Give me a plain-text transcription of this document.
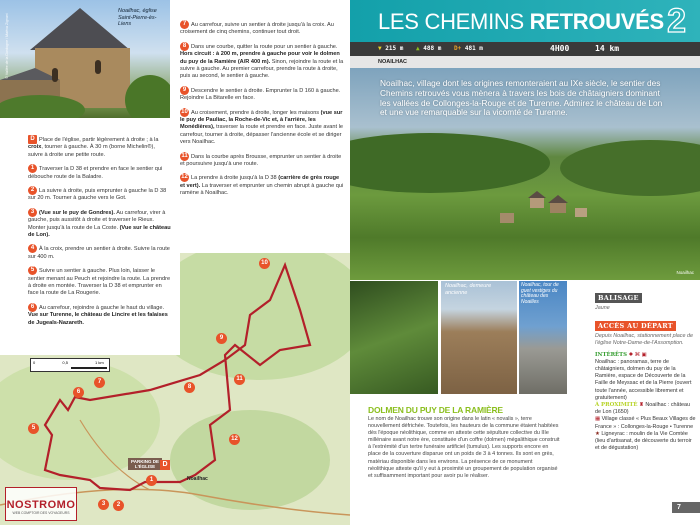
Noailhac, église Saint-Pierre-ès-Liens
© Vallée de la Dordogne / Maëva Zignani

D Place de l'église, partir légèrement à droite ; à la croix, tourner à gauche. À 30 m (borne Michelin®), suivre à droite une petite route.

1 Traverser la D 38 et prendre en face le sentier qui débouche route de la Baladre.

2 La suivre à droite, puis emprunter à gauche la D 38 sur 20 m. Tourner à gauche vers le Got.

3 (Vue sur le puy de Gondres). Au carrefour, virer à gauche, puis aussitôt à droite et traverser le Rieux. Monter jusqu'à la route de La Coste. (Vue sur le château de Lon).

4 À la croix, prendre un sentier à droite. Suivre la route sur 400 m.

5 Suivre un sentier à gauche. Plus loin, laisser le sentier menant au Peuch et rejoindre la route. La prendre à droite en montée. Traverser la D 38 et emprunter en face la route de La Rougerie.

6 Au carrefour, rejoindre à gauche le haut du village. Vue sur Turenne, le château de Lincire et les falaises de Jugeals-Nazareth.

7 Au carrefour, suivre un sentier à droite jusqu'à la croix. Au croisement de cinq chemins, continuer tout droit.

8 Dans une courbe, quitter la route pour un sentier à gauche. Hors circuit : à 200 m, prendre à gauche pour voir le dolmen du puy de la Ramière (A/R 400 m). Sinon, rejoindre la route et la suivre à gauche. Au premier carrefour, prendre la route à droite, puis au second, le sentier à gauche.

9 Descendre le sentier à droite. Emprunter la D 160 à gauche. Rejoindre La Bitarelle en face.

10 Au croisement, prendre à droite, longer les maisons (vue sur le puy de Pauliac, la Roche-de-Vic et, à l'arrière, les Monédières), traverser la route et prendre en face. Juste avant le carrefour, tourner à droite, dépasser l'ancienne école et se diriger vers Noailhac.

11 Dans la courbe après Brousse, emprunter un sentier à droite et poursuivre jusqu'à une route.

12 La prendre à droite jusqu'à la D 38 (carrière de grès rouge et vert). La traverser et emprunter un chemin abrupt à gauche qui ramène à Noailhac.

0	0,5	1 km
PARKING DE L'ÉGLISE	D
Noailhac
1
2
3
5
6
7
8
9
10
11
12
NOSTROMO
WEB COMPTOIR DES VOYAGEURS
LES CHEMINS RETROUVÉS 2
▼ 215 m ▲ 488 m D+ 481 m	4H00	14 km
NOAILHAC
Noailhac, village dont les origines remonteraient au IXe siècle, le sentier des Chemins retrouvés vous mènera à travers les bois de châtaigniers dominant les vallées de Collonges-la-Rouge et de Turenne. Admirez le château de Lon et une vue remarquable sur la vicomté de Turenne.
Noailhac
Noailhac, demeure ancienne
Noailhac, tour de guet vestiges du château des Noailles
DOLMEN DU PUY DE LA RAMIÈRE
Le nom de Noailhac trouve son origine dans le latin « novalis », terre nouvellement défrichée. Toutefois, les hauteurs de la commune étaient habitées dès l'époque néolithique, comme en atteste cette sépulture collective du IIIe millénaire avant notre ère, constituée d'un coffre (dolmen) mégalithique construit à l'extrémité d'un tertre funéraire artificiel (tumulus). Les supports encore en place de la couverture disparue ont un poids de 3 à 4 tonnes. Ils sont en grès, matériau disponible dans les environs. La présence de ce monument néolithique atteste qu'il y eut à proximité un groupement de population organisé et suffisamment important pour avoir pu le réaliser.
BALISAGE
Jaune
ACCÈS AU DÉPART
Depuis Noailhac, stationnement place de l'église Notre-Dame-de-l'Assomption.
INTÉRÊTS ✹ ⌘ ▣
Noailhac : panoramas, terre de châtaigniers, dolmen du puy de la Ramière, espace de Découverte de la Faille de Meyssac et de la Pierre (ouvert toute l'année, accessible librement et gratuitement)
À PROXIMITÉ ♜ Noailhac : château de Lon (1650)
▦ Village classé « Plus Beaux Villages de France » : Collonges-la-Rouge • Turenne
★ Ligneyrac : moulin de la Vie Comtée (lieu d'artisanat, de découverte du terroir et de dégustation)
7
